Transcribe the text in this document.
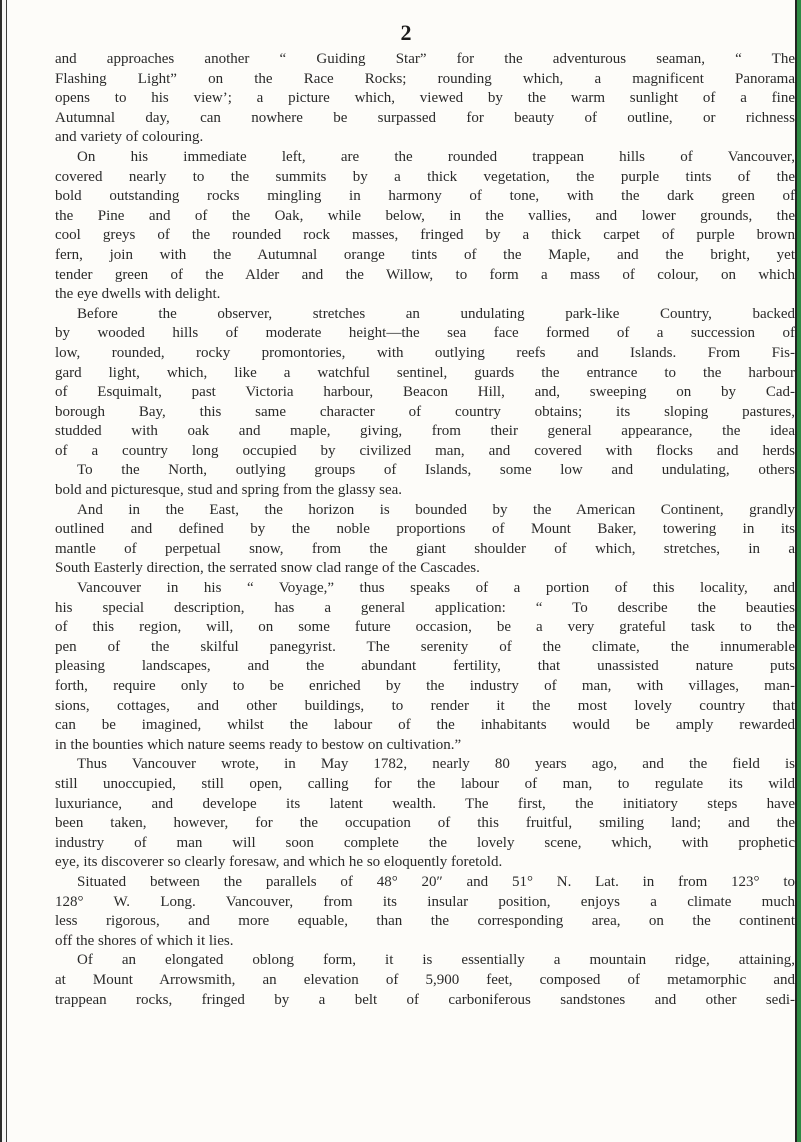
2
and approaches another “ Guiding Star” for the adventurous seaman, “ The
Flashing Light” on the Race Rocks; rounding which, a magnificent Panorama
opens to his view’; a picture which, viewed by the warm sunlight of a fine
Autumnal day, can nowhere be surpassed for beauty of outline, or richness
and variety of colouring.
On his immediate left, are the rounded trappean hills of Vancouver,
covered nearly to the summits by a thick vegetation, the purple tints of the
bold outstanding rocks mingling in harmony of tone, with the dark green of
the Pine and of the Oak, while below, in the vallies, and lower grounds, the
cool greys of the rounded rock masses, fringed by a thick carpet of purple brown
fern, join with the Autumnal orange tints of the Maple, and the bright, yet
tender green of the Alder and the Willow, to form a mass of colour, on which
the eye dwells with delight.
Before the observer, stretches an undulating park-like Country, backed
by wooded hills of moderate height—the sea face formed of a succession of
low, rounded, rocky promontories, with outlying reefs and Islands. From Fis-
gard light, which, like a watchful sentinel, guards the entrance to the harbour
of Esquimalt, past Victoria harbour, Beacon Hill, and, sweeping on by Cad-
borough Bay, this same character of country obtains; its sloping pastures,
studded with oak and maple, giving, from their general appearance, the idea
of a country long occupied by civilized man, and covered with flocks and herds
To the North, outlying groups of Islands, some low and undulating, others
bold and picturesque, stud and spring from the glassy sea.
And in the East, the horizon is bounded by the American Continent, grandly
outlined and defined by the noble proportions of Mount Baker, towering in its
mantle of perpetual snow, from the giant shoulder of which, stretches, in a
South Easterly direction, the serrated snow clad range of the Cascades.
Vancouver in his “ Voyage,” thus speaks of a portion of this locality, and
his special description, has a general application: “ To describe the beauties
of this region, will, on some future occasion, be a very grateful task to the
pen of the skilful panegyrist. The serenity of the climate, the innumerable
pleasing landscapes, and the abundant fertility, that unassisted nature puts
forth, require only to be enriched by the industry of man, with villages, man-
sions, cottages, and other buildings, to render it the most lovely country that
can be imagined, whilst the labour of the inhabitants would be amply rewarded
in the bounties which nature seems ready to bestow on cultivation.”
Thus Vancouver wrote, in May 1782, nearly 80 years ago, and the field is
still unoccupied, still open, calling for the labour of man, to regulate its wild
luxuriance, and develope its latent wealth. The first, the initiatory steps have
been taken, however, for the occupation of this fruitful, smiling land; and the
industry of man will soon complete the lovely scene, which, with prophetic
eye, its discoverer so clearly foresaw, and which he so eloquently foretold.
Situated between the parallels of 48° 20″ and 51° N. Lat. in from 123° to
128° W. Long. Vancouver, from its insular position, enjoys a climate much
less rigorous, and more equable, than the corresponding area, on the continent
off the shores of which it lies.
Of an elongated oblong form, it is essentially a mountain ridge, attaining,
at Mount Arrowsmith, an elevation of 5,900 feet, composed of metamorphic and
trappean rocks, fringed by a belt of carboniferous sandstones and other sedi-
